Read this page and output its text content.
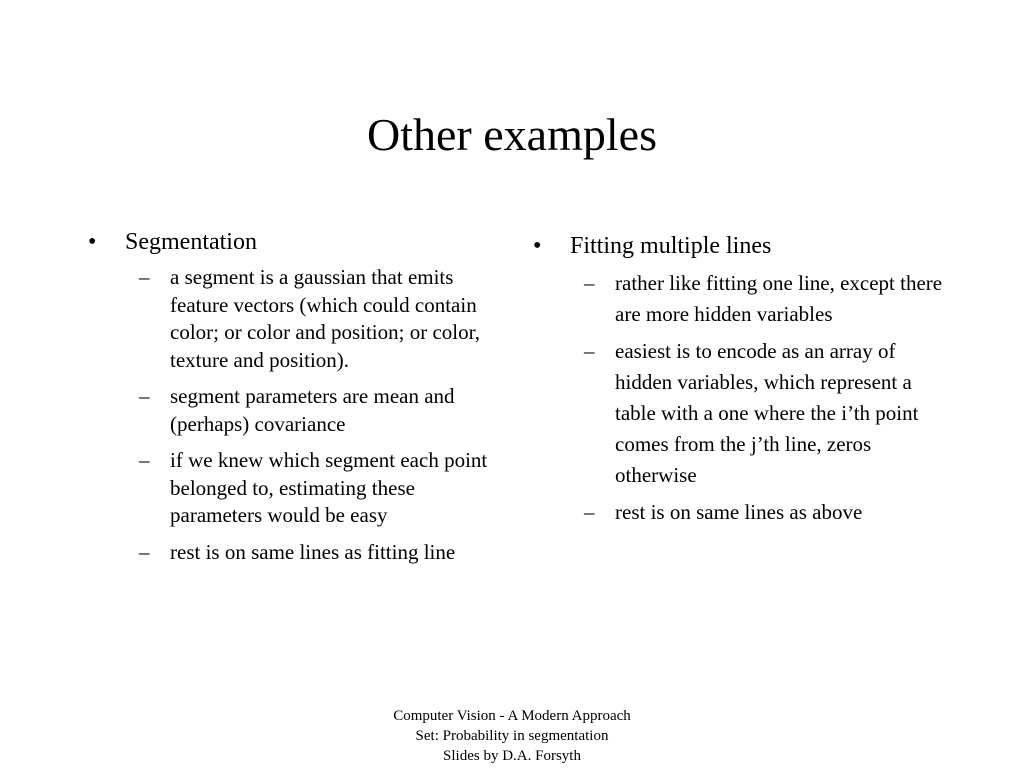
Other examples
• Segmentation
– a segment is a gaussian that emits feature vectors (which could contain color; or color and position; or color, texture and position).
– segment parameters are mean and (perhaps) covariance
– if we knew which segment each point belonged to, estimating these parameters would be easy
– rest is on same lines as fitting line
• Fitting multiple lines
– rather like fitting one line, except there are more hidden variables
– easiest is to encode as an array of hidden variables, which represent a table with a one where the i’th point comes from the j’th line, zeros otherwise
– rest is on same lines as above
Computer Vision - A Modern Approach
Set: Probability in segmentation
Slides by D.A. Forsyth
